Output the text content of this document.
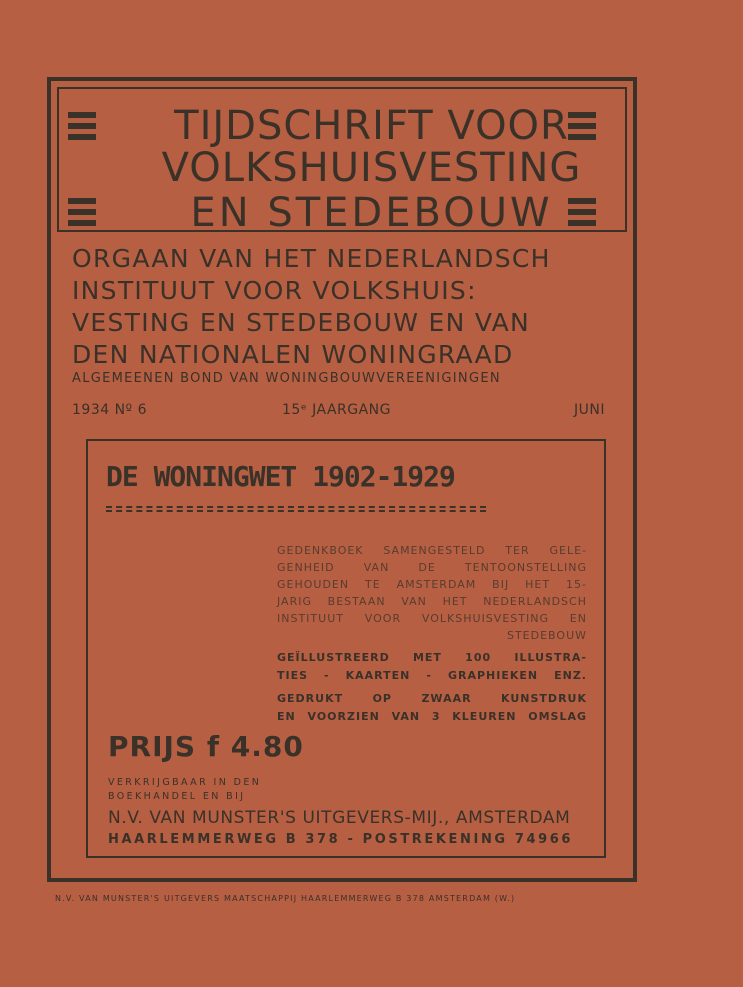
TIJDSCHRIFT VOOR
VOLKSHUISVESTING
EN STEDEBOUW
ORGAAN VAN HET NEDERLANDSCH
INSTITUUT VOOR VOLKSHUIS:
VESTING EN STEDEBOUW EN VAN
DEN NATIONALEN WONINGRAAD
ALGEMEENEN BOND VAN WONINGBOUWVEREENIGINGEN
1934 Nº 6	15ᵉ JAARGANG	JUNI
DE WONINGWET 1902-1929
GEDENKBOEK SAMENGESTELD TER GELE-
GENHEID VAN DE TENTOONSTELLING
GEHOUDEN TE AMSTERDAM BIJ HET 15-
JARIG BESTAAN VAN HET NEDERLANDSCH
INSTITUUT VOOR VOLKSHUISVESTING EN
STEDEBOUW
GEÏLLUSTREERD MET 100 ILLUSTRA-
TIES - KAARTEN - GRAPHIEKEN ENZ.
GEDRUKT OP ZWAAR KUNSTDRUK
EN VOORZIEN VAN 3 KLEUREN OMSLAG
PRIJS f 4.80
VERKRIJGBAAR IN DEN
BOEKHANDEL EN BIJ
N.V. VAN MUNSTER'S UITGEVERS-MIJ., AMSTERDAM
HAARLEMMERWEG B 378 - POSTREKENING 74966
N.V. VAN MUNSTER'S UITGEVERS MAATSCHAPPIJ HAARLEMMERWEG B 378 AMSTERDAM (W.)
